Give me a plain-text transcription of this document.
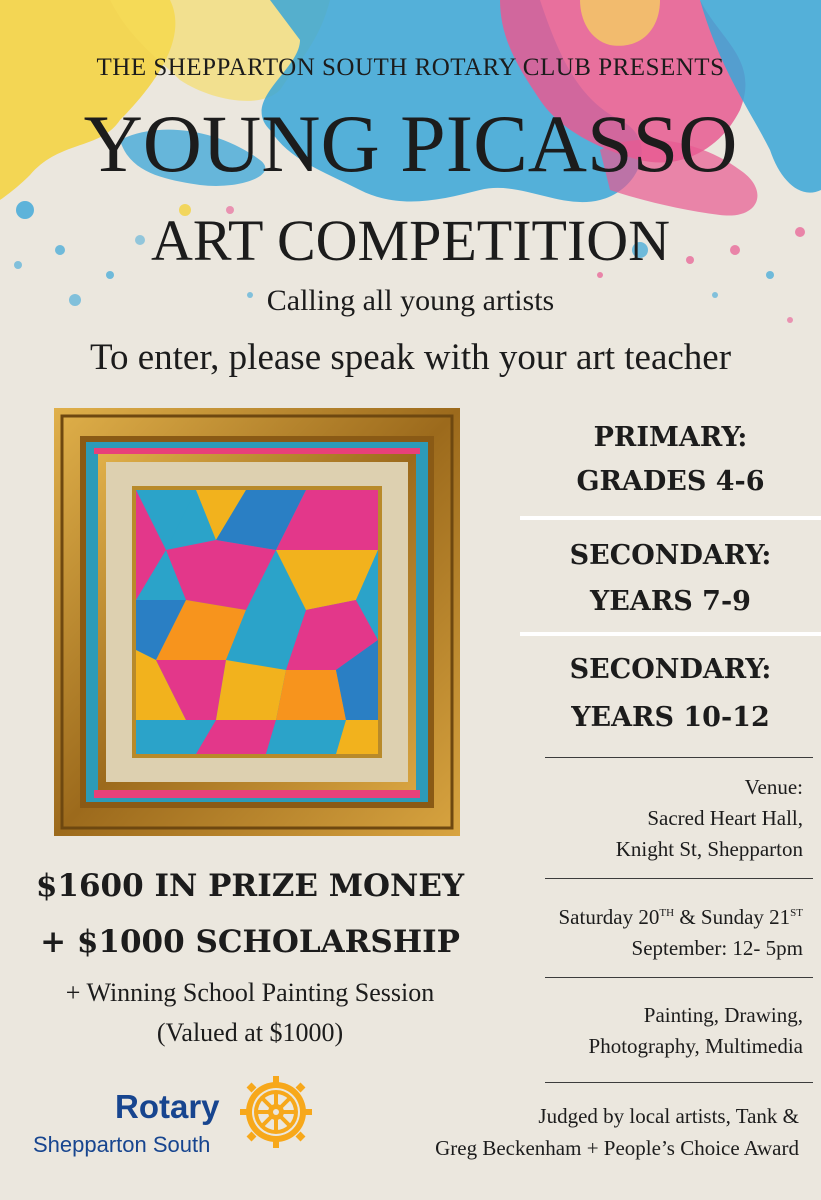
THE SHEPPARTON SOUTH ROTARY CLUB PRESENTS
YOUNG PICASSO
ART COMPETITION
Calling all young artists
To enter, please speak with your art teacher
PRIMARY:
GRADES 4-6
SECONDARY:
YEARS 7-9
SECONDARY:
YEARS 10-12
Venue:
Sacred Heart Hall,
Knight St, Shepparton
Saturday 20TH & Sunday 21ST
September: 12- 5pm
Painting, Drawing,
Photography, Multimedia
$1600 IN PRIZE MONEY
+ $1000 SCHOLARSHIP
+ Winning School Painting Session
(Valued at $1000)
Rotary
Shepparton South
Judged by local artists, Tank &
Greg Beckenham + People’s Choice Award
